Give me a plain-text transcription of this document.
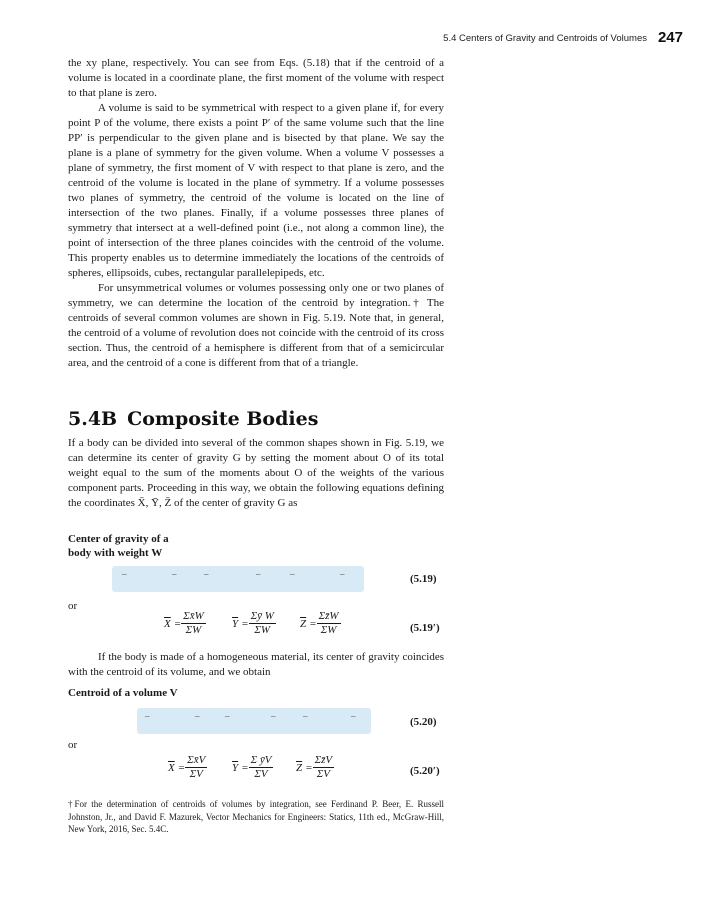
5.4 Centers of Gravity and Centroids of Volumes 247

the xy plane, respectively. You can see from Eqs. (5.18) that if the centroid of a volume is located in a coordinate plane, the first moment of the volume with respect to that plane is zero.

A volume is said to be symmetrical with respect to a given plane if, for every point P of the volume, there exists a point P′ of the same volume such that the line PP′ is perpendicular to the given plane and is bisected by that plane. We say the plane is a plane of symmetry for the given volume. When a volume V possesses a plane of symmetry, the first moment of V with respect to that plane is zero, and the centroid of the volume is located in the plane of symmetry. If a volume possesses two planes of symmetry, the centroid of the volume is located on the line of intersection of the two planes. Finally, if a volume possesses three planes of symmetry that intersect at a well-defined point (i.e., not along a common line), the point of intersection of the three planes coincides with the centroid of the volume. This property enables us to determine immediately the locations of the centroids of spheres, ellipsoids, cubes, rectangular parallelepipeds, etc.

For unsymmetrical volumes or volumes possessing only one or two planes of symmetry, we can determine the location of the centroid by integration.† The centroids of several common volumes are shown in Fig. 5.19. Note that, in general, the centroid of a volume of revolution does not coincide with the centroid of its cross section. Thus, the centroid of a hemisphere is different from that of a semicircular area, and the centroid of a cone is different from that of a triangle.

5.4B Composite Bodies

If a body can be divided into several of the common shapes shown in Fig. 5.19, we can determine its center of gravity G by setting the moment about O of its total weight equal to the sum of the moments about O of the weights of the various component parts. Proceeding in this way, we obtain the following equations defining the coordinates X̄, Ȳ, Z̄ of the center of gravity G as

Center of gravity of a
body with weight W
–	–	–	–	–	–	(5.19)
or
$\overline{X} = \frac{\Sigma x̄W}{\Sigma W} \overline{Y} = \frac{\text{Σȳ W}}{\Sigma W} \overline{Z} = \frac{\Sigma z̄W}{\Sigma W}$	(5.19′)

If the body is made of a homogeneous material, its center of gravity coincides with the centroid of its volume, and we obtain

Centroid of a volume V
–	–	–	–	–	–	(5.20)
or
$\overline{X} = \frac{\Sigma x̄V}{\Sigma V} \overline{Y} = \frac{\text{Σ ȳV}}{\Sigma V} \overline{Z} = \frac{\Sigma z̄V}{\Sigma V}$	(5.20′)
†For the determination of centroids of volumes by integration, see Ferdinand P. Beer, E. Russell Johnston, Jr., and David F. Mazurek, Vector Mechanics for Engineers: Statics, 11th ed., McGraw-Hill, New York, 2016, Sec. 5.4C.
